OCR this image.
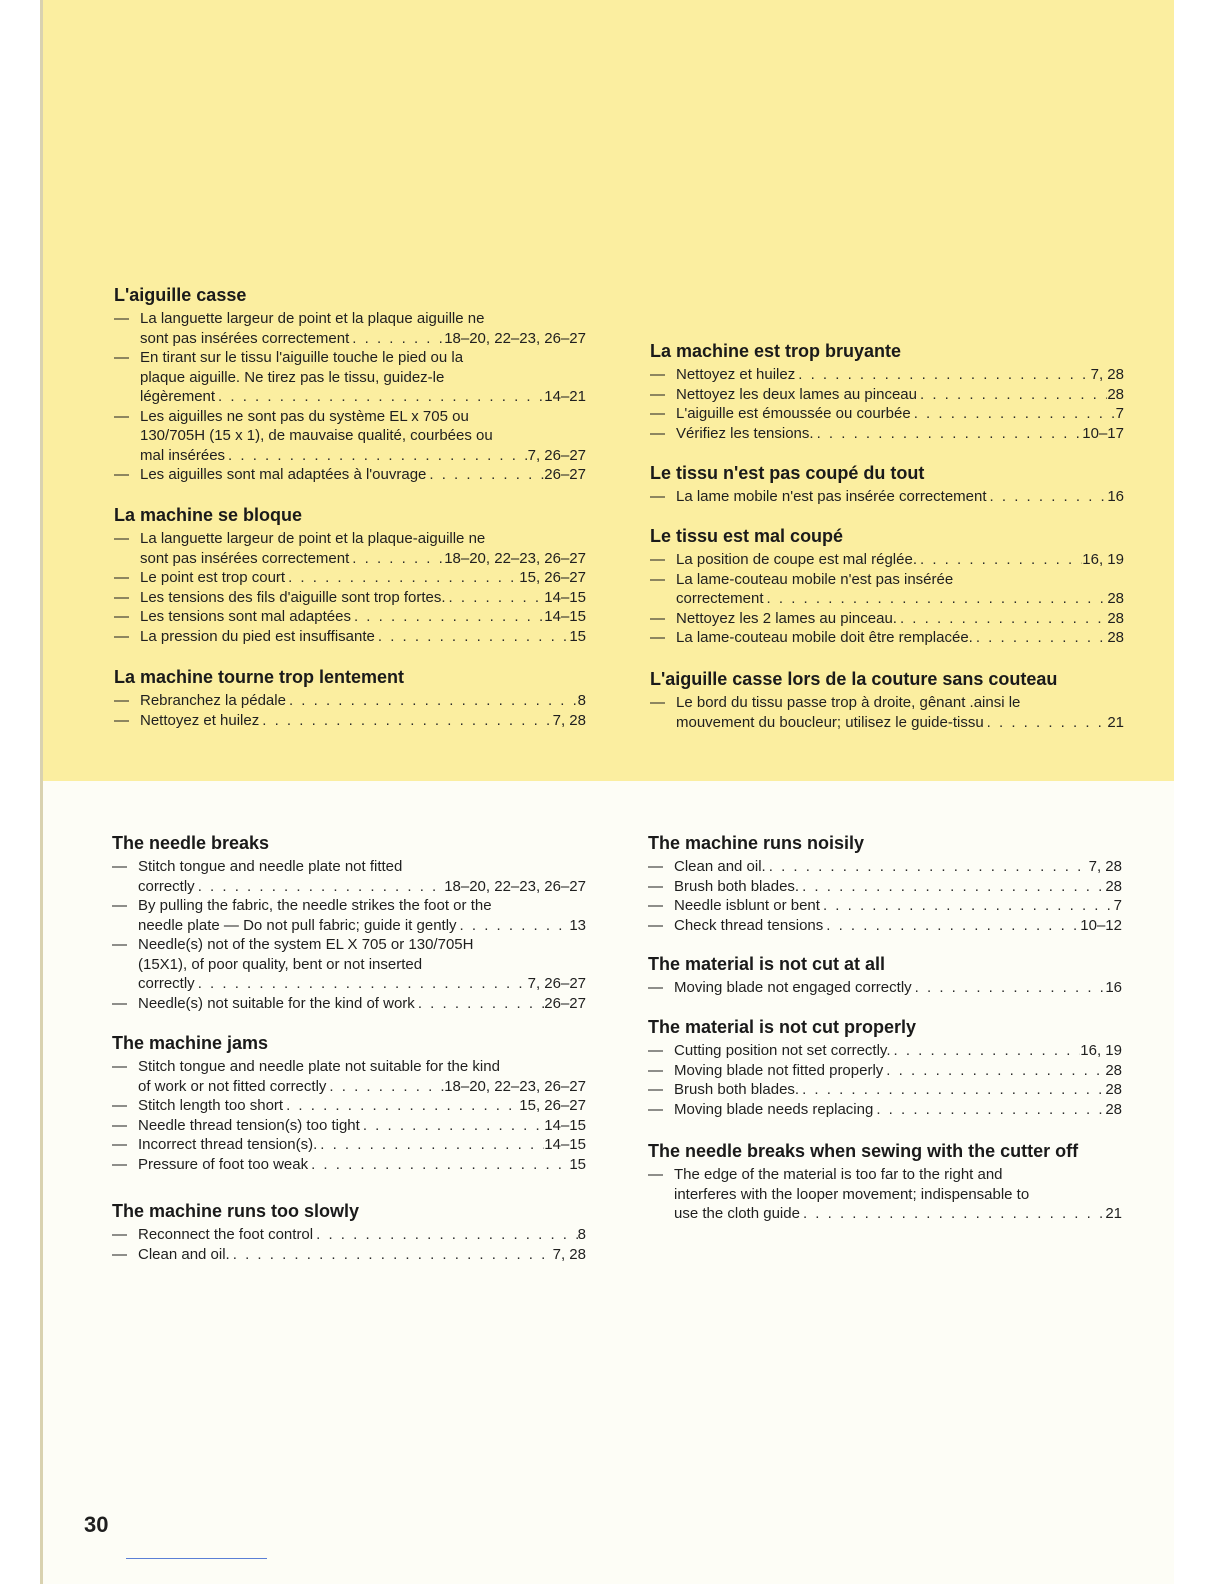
L'aiguille casse
— La languette largeur de point et la plaque aiguille ne
sont pas insérées correctement . . .	18–20, 22–23, 26–27
— En tirant sur le tissu l'aiguille touche le pied ou la
plaque aiguille. Ne tirez pas le tissu, guidez-le
légèrement . . .	14–21
— Les aiguilles ne sont pas du système EL x 705 ou
130/705H (15 x 1), de mauvaise qualité, courbées ou
mal insérées . . .	7, 26–27
— Les aiguilles sont mal adaptées à l'ouvrage . . .	26–27
La machine se bloque
— La languette largeur de point et la plaque-aiguille ne
sont pas insérées correctement . . .	18–20, 22–23, 26–27
— Le point est trop court . . .	15, 26–27
— Les tensions des fils d'aiguille sont trop fortes. . . .	14–15
— Les tensions sont mal adaptées . . .	14–15
— La pression du pied est insuffisante . . .	15
La machine tourne trop lentement
— Rebranchez la pédale . . .	8
— Nettoyez et huilez . . .	7, 28
La machine est trop bruyante
— Nettoyez et huilez . . .	7, 28
— Nettoyez les deux lames au pinceau . . .	28
— L'aiguille est émoussée ou courbée . . .	7
— Vérifiez les tensions. . . .	10–17
Le tissu n'est pas coupé du tout
— La lame mobile n'est pas insérée correctement . . .	16
Le tissu est mal coupé
— La position de coupe est mal réglée. . . .	16, 19
— La lame-couteau mobile n'est pas insérée
correctement . . .	28
— Nettoyez les 2 lames au pinceau. . . .	28
— La lame-couteau mobile doit être remplacée. . . .	28
L'aiguille casse lors de la couture sans couteau
— Le bord du tissu passe trop à droite, gênant .ainsi le
mouvement du boucleur; utilisez le guide-tissu . . .	21
The needle breaks
— Stitch tongue and needle plate not fitted
correctly . . .	18–20, 22–23, 26–27
— By pulling the fabric, the needle strikes the foot or the
needle plate — Do not pull fabric; guide it gently . . .	13
— Needle(s) not of the system EL X 705 or 130/705H
(15X1), of poor quality, bent or not inserted
correctly . . .	7, 26–27
— Needle(s) not suitable for the kind of work . . .	26–27
The machine jams
— Stitch tongue and needle plate not suitable for the kind
of work or not fitted correctly . . .	18–20, 22–23, 26–27
— Stitch length too short . . .	15, 26–27
— Needle thread tension(s) too tight . . .	14–15
— Incorrect thread tension(s). . . .	14–15
— Pressure of foot too weak . . .	15
The machine runs too slowly
— Reconnect the foot control . . .	8
— Clean and oil. . . .	7, 28
The machine runs noisily
— Clean and oil. . . .	7, 28
— Brush both blades. . . .	28
— Needle isblunt or bent . . .	7
— Check thread tensions . . .	10–12
The material is not cut at all
— Moving blade not engaged correctly . . .	16
The material is not cut properly
— Cutting position not set correctly. . . .	16, 19
— Moving blade not fitted properly . . .	28
— Brush both blades. . . .	28
— Moving blade needs replacing . . .	28
The needle breaks when sewing with the cutter off
— The edge of the material is too far to the right and
interferes with the looper movement; indispensable to
use the cloth guide . . .	21
30
